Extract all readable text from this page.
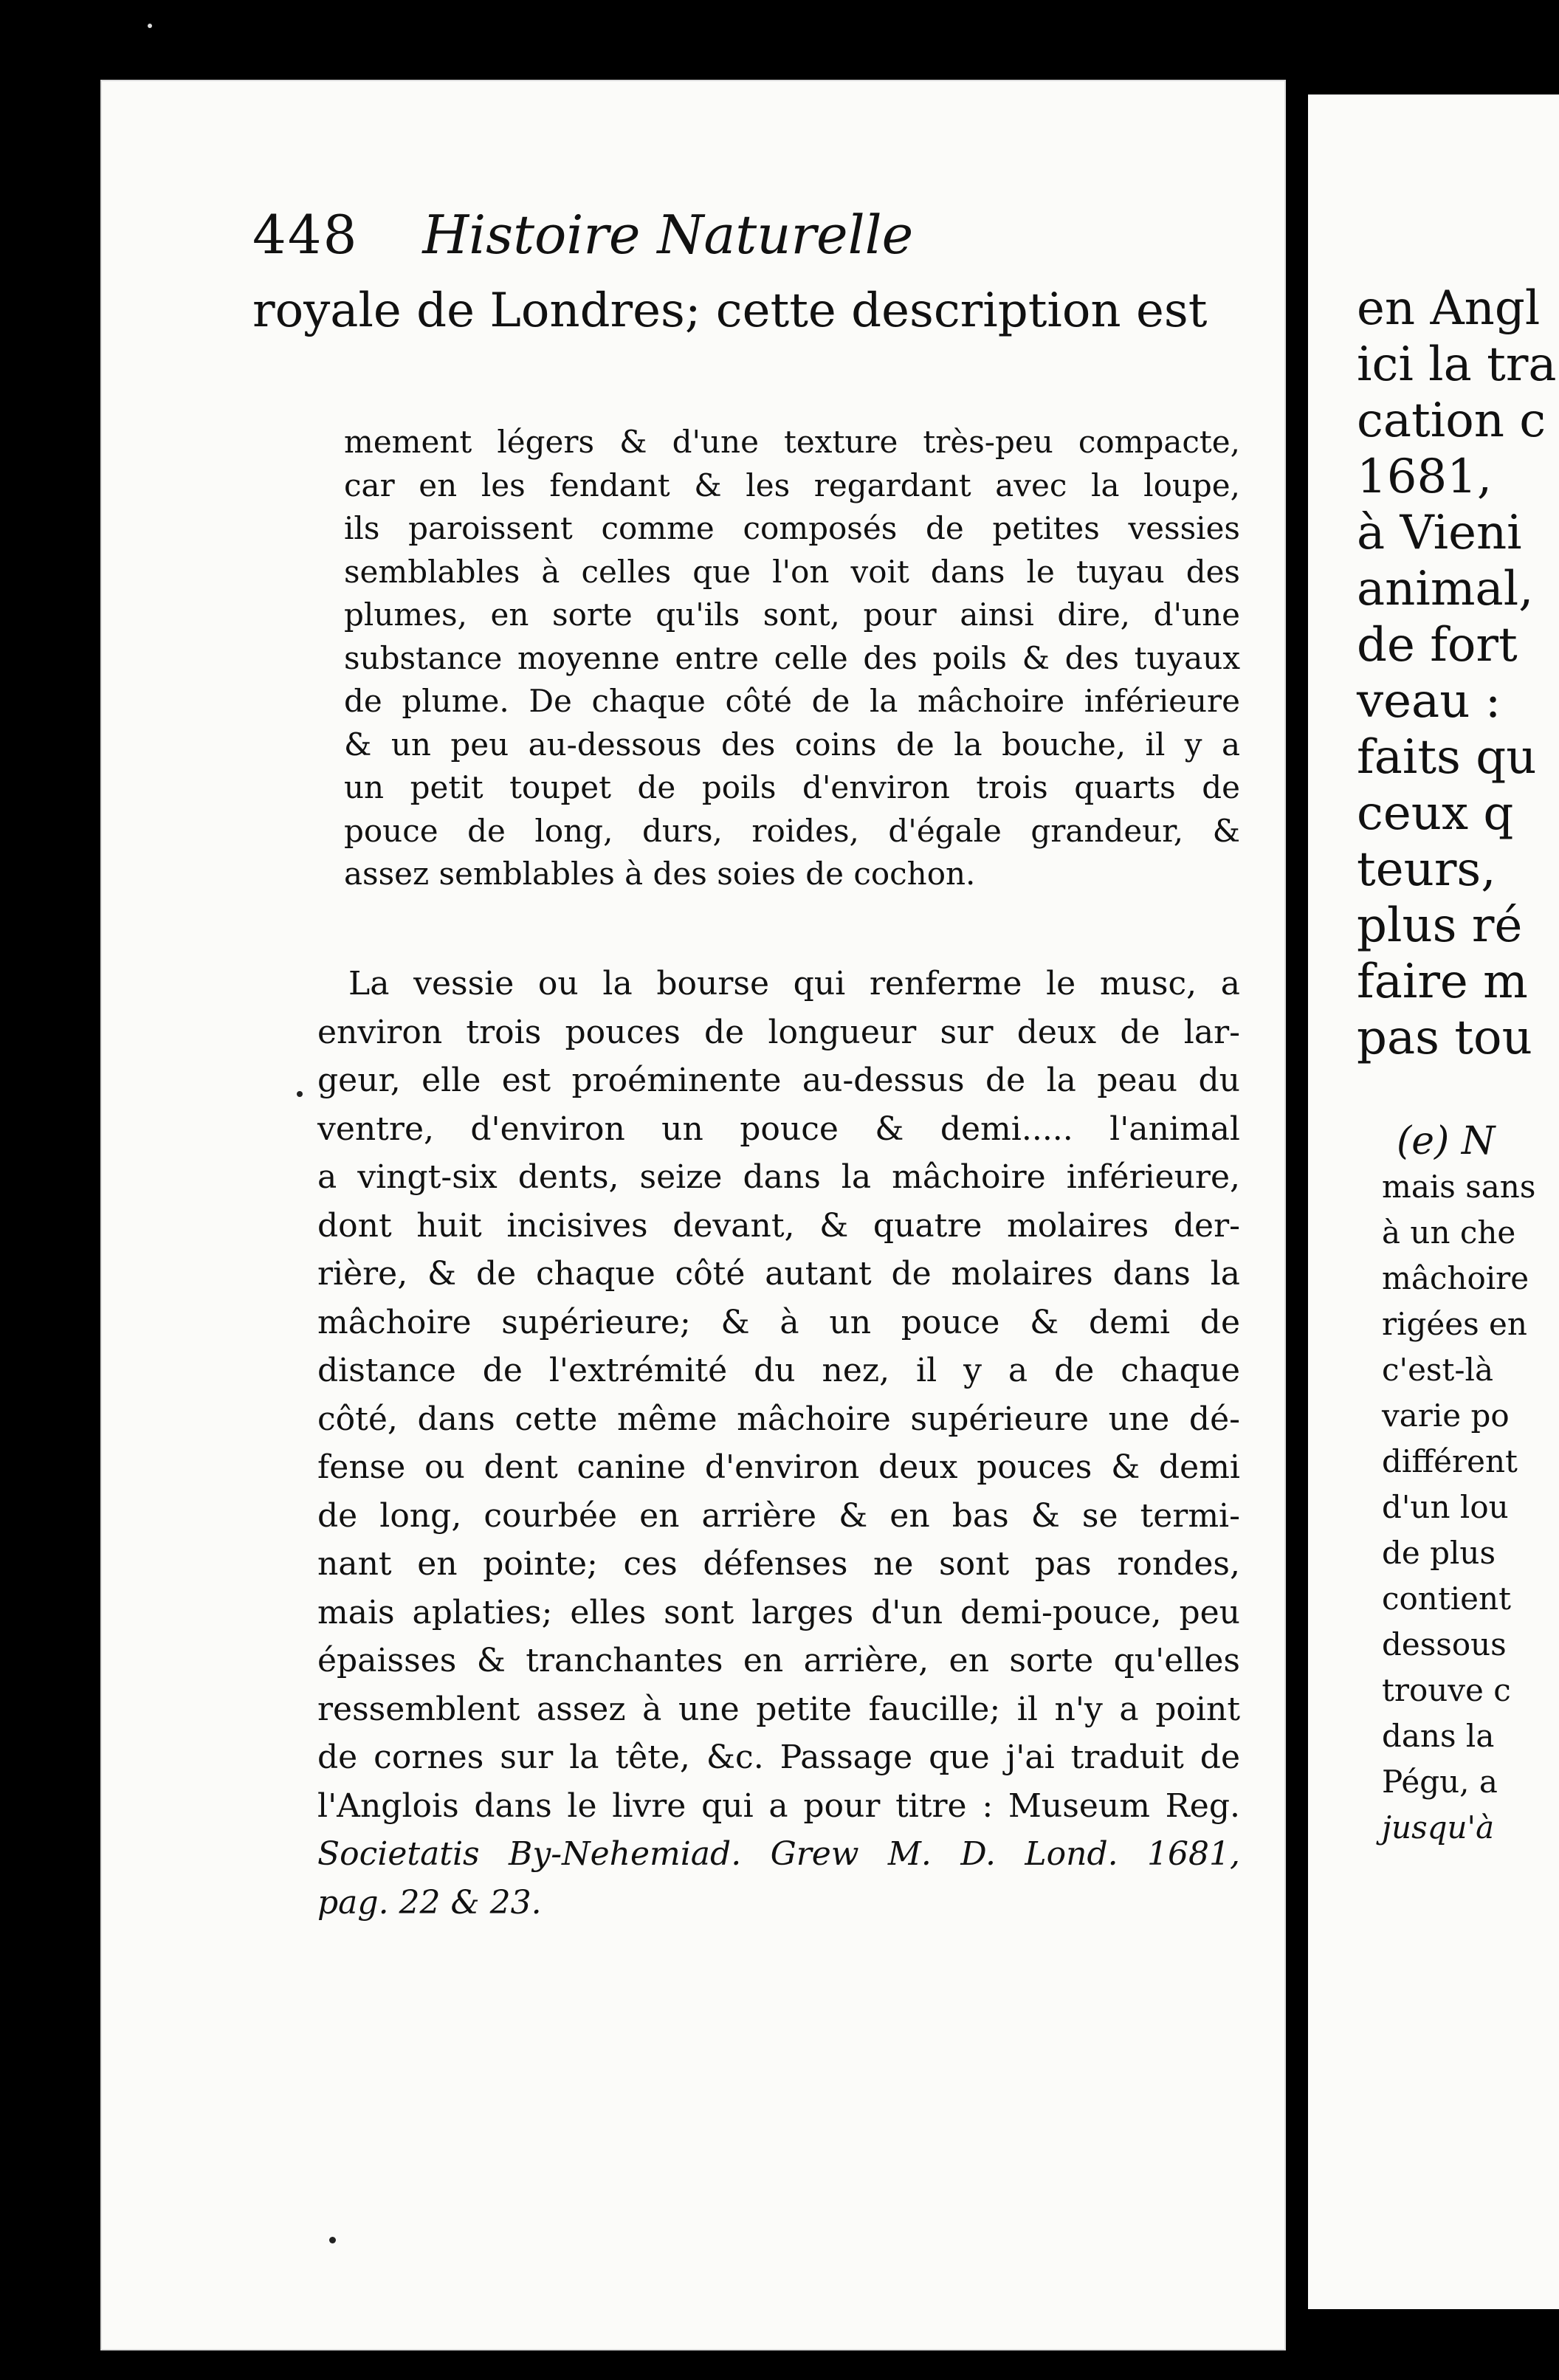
448 Histoire Naturelle
royale de Londres; cette description est
mement légers & d'une texture très-peu compacte,
car en les fendant & les regardant avec la loupe,
ils paroissent comme composés de petites vessies
semblables à celles que l'on voit dans le tuyau des
plumes, en sorte qu'ils sont, pour ainsi dire, d'une
substance moyenne entre celle des poils & des tuyaux
de plume. De chaque côté de la mâchoire inférieure
& un peu au-dessous des coins de la bouche, il y a
un petit toupet de poils d'environ trois quarts de
pouce de long, durs, roides, d'égale grandeur, &
assez semblables à des soies de cochon.
La vessie ou la bourse qui renferme le musc, a
environ trois pouces de longueur sur deux de lar-
geur, elle est proéminente au-dessus de la peau du
ventre, d'environ un pouce & demi..... l'animal
a vingt-six dents, seize dans la mâchoire inférieure,
dont huit incisives devant, & quatre molaires der-
rière, & de chaque côté autant de molaires dans la
mâchoire supérieure; & à un pouce & demi de
distance de l'extrémité du nez, il y a de chaque
côté, dans cette même mâchoire supérieure une dé-
fense ou dent canine d'environ deux pouces & demi
de long, courbée en arrière & en bas & se termi-
nant en pointe; ces défenses ne sont pas rondes,
mais aplaties; elles sont larges d'un demi-pouce, peu
épaisses & tranchantes en arrière, en sorte qu'elles
ressemblent assez à une petite faucille; il n'y a point
de cornes sur la tête, &c. Passage que j'ai traduit de
l'Anglois dans le livre qui a pour titre : Museum Reg.
Societatis By-Nehemiad. Grew M. D. Lond. 1681,
pag. 22 & 23.
en Angl
ici la tra
cation c
1681,
à Vieni
animal,
de fort
veau :
faits qu
ceux q
teurs,
plus ré
faire m
pas tou
(e) N
mais sans
à un che
mâchoire
rigées en
c'est-là
varie po
différent
d'un lou
de plus
contient
dessous
trouve c
dans la
Pégu, a
jusqu'à
